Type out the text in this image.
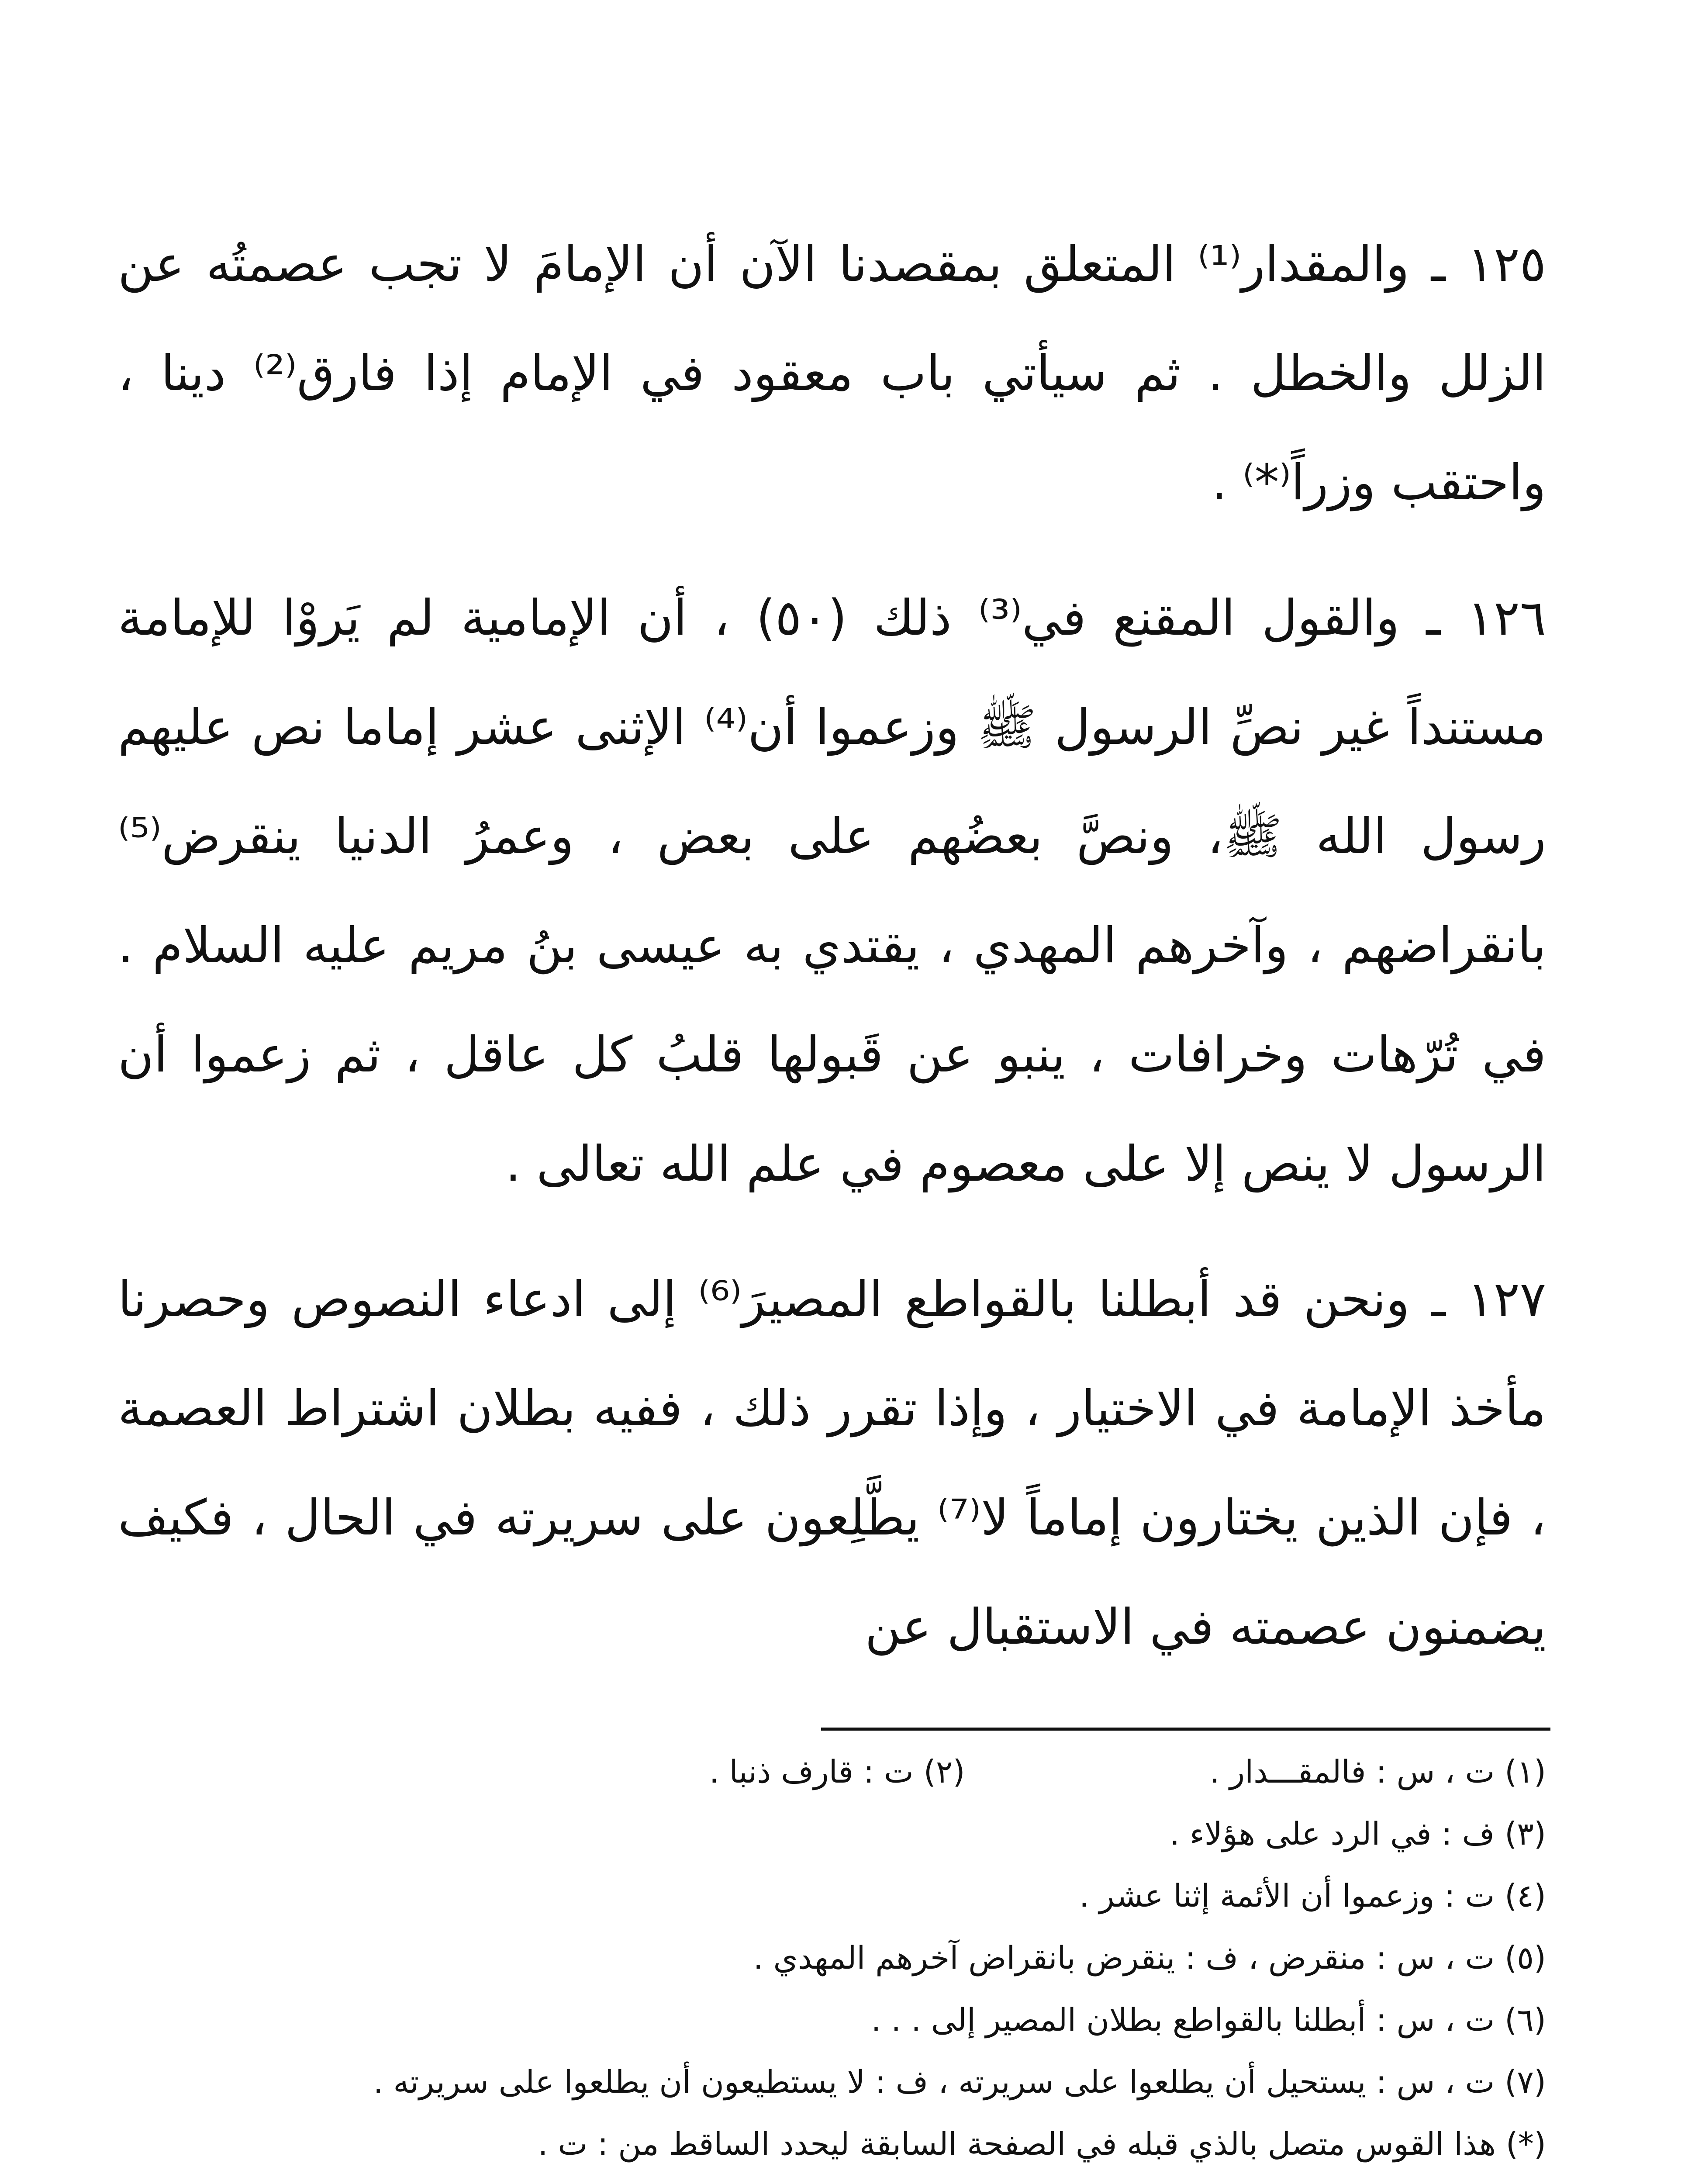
١٢٥ ـ والمقدار⁽¹⁾ المتعلق بمقصدنا الآن أن الإمامَ لا تجب عصمتُه عن الزلل والخطل . ثم سيأتي باب معقود في الإمام إذا فارق⁽²⁾ دينا ، واحتقب وزراً⁽*⁾ .

١٢٦ ـ والقول المقنع في⁽³⁾ ذلك (٥٠) ، أن الإمامية لم يَروْا للإمامة مستنداً غير نصِّ الرسول ﷺ وزعموا أن⁽⁴⁾ الإثنى عشر إماما نص عليهم رسول الله ﷺ، ونصَّ بعضُهم على بعض ، وعمرُ الدنيا ينقرض⁽⁵⁾ بانقراضهم ، وآخرهم المهدي ، يقتدي به عيسى بنُ مريم عليه السلام . في تُرّهات وخرافات ، ينبو عن قَبولها قلبُ كل عاقل ، ثم زعموا أن الرسول لا ينص إلا على معصوم في علم الله تعالى .

١٢٧ ـ ونحن قد أبطلنا بالقواطع المصيرَ⁽⁶⁾ إلى ادعاء النصوص وحصرنا مأخذ الإمامة في الاختيار ، وإذا تقرر ذلك ، ففيه بطلان اشتراط العصمة ، فإن الذين يختارون إماماً لا⁽⁷⁾ يطَّلِعون على سريرته في الحال ، فكيف يضمنون عصمته في الاستقبال عن

(١) ت ، س : فالمقـــدار .(٢) ت : قارف ذنبا .
(٣) ف : في الرد على هؤلاء .
(٤) ت : وزعموا أن الأئمة إثنا عشر .
(٥) ت ، س : منقرض ، ف : ينقرض بانقراض آخرهم المهدي .
(٦) ت ، س : أبطلنا بالقواطع بطلان المصير إلى . . .
(٧) ت ، س : يستحيل أن يطلعوا على سريرته ، ف : لا يستطيعون أن يطلعوا على سريرته .
(*) هذا القوس متصل بالذي قبله في الصفحة السابقة ليحدد الساقط من : ت .
